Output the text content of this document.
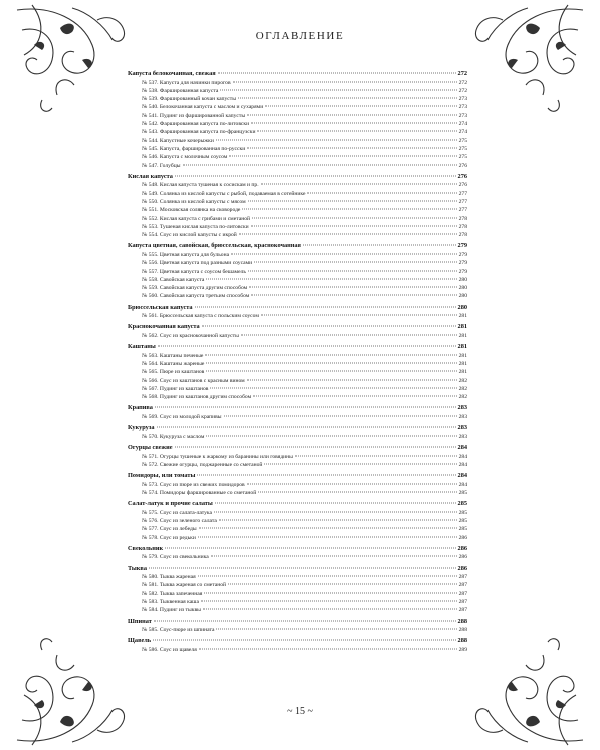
ОГЛАВЛЕНИЕ
Капуста белокочанная, свежая	272
№ 537. Капуста для начинки пирогов	272
№ 538. Фаршированная капуста	272
№ 539. Фаршированный кочан капусты	273
№ 540. Белокочанная капуста с маслом и сухарями	273
№ 541. Пудинг из фаршированной капусты	273
№ 542. Фаршированная капуста по-литовски	274
№ 543. Фаршированная капуста по-французски	274
№ 544. Капустные кочерыжки	275
№ 545. Капуста, фаршированная по-русски	275
№ 546. Капуста с молочным соусом	275
№ 547. Голубцы	276
Кислая капуста	276
№ 548. Кислая капуста тушеная к сосискам и пр.	276
№ 549. Солянка из кислой капусты с рыбой, подаваемая в сотейнике	277
№ 550. Солянка из кислой капусты с мясом	277
№ 551. Московская солянка на сковороде	277
№ 552. Кислая капуста с грибами и сметаной	278
№ 553. Тушеная кислая капуста по-литовски	278
№ 554. Соус из кислой капусты с икрой	278
Капуста цветная, савойская, брюссельская, краснокочанная	279
№ 555. Цветная капуста для бульона	279
№ 556. Цветная капуста под разными соусами	279
№ 557. Цветная капуста с соусом бешамель	279
№ 558. Савойская капуста	280
№ 559. Савойская капуста другим способом	280
№ 560. Савойская капуста третьим способом	280
Брюссельская капуста	280
№ 561. Брюссельская капуста с польским соусом	281
Краснокочанная капуста	281
№ 562. Соус из краснокочанной капусты	281
Каштаны	281
№ 563. Каштаны печеные	281
№ 564. Каштаны жареные	281
№ 565. Пюре из каштанов	281
№ 566. Соус из каштанов с красным вином	282
№ 567. Пудинг из каштанов	282
№ 568. Пудинг из каштанов другим способом	282
Крапива	283
№ 569. Соус из молодой крапивы	283
Кукуруза	283
№ 570. Кукуруза с маслом	283
Огурцы свежие	284
№ 571. Огурцы тушеные к жаркому из баранины или говядины	284
№ 572. Свежие огурцы, поджаренные со сметаной	284
Помидоры, или томаты	284
№ 573. Соус из пюре из свежих помидоров	284
№ 574. Помидоры фаршированные со сметаной	285
Салат-латук и прочие салаты	285
№ 575. Соус из салата-латука	285
№ 576. Соус из зеленого салата	285
№ 577. Соус из лебеды	285
№ 578. Соус из редьки	286
Свекольник	286
№ 579. Соус из свекольника	286
Тыква	286
№ 580. Тыква жареная	287
№ 581. Тыква жареная со сметаной	287
№ 582. Тыква запеченная	287
№ 583. Тыквенная каша	287
№ 584. Пудинг из тыквы	287
Шпинат	288
№ 585. Соус-пюре из шпината	288
Щавель	288
№ 586. Соус из щавеля	289
~ 15 ~
